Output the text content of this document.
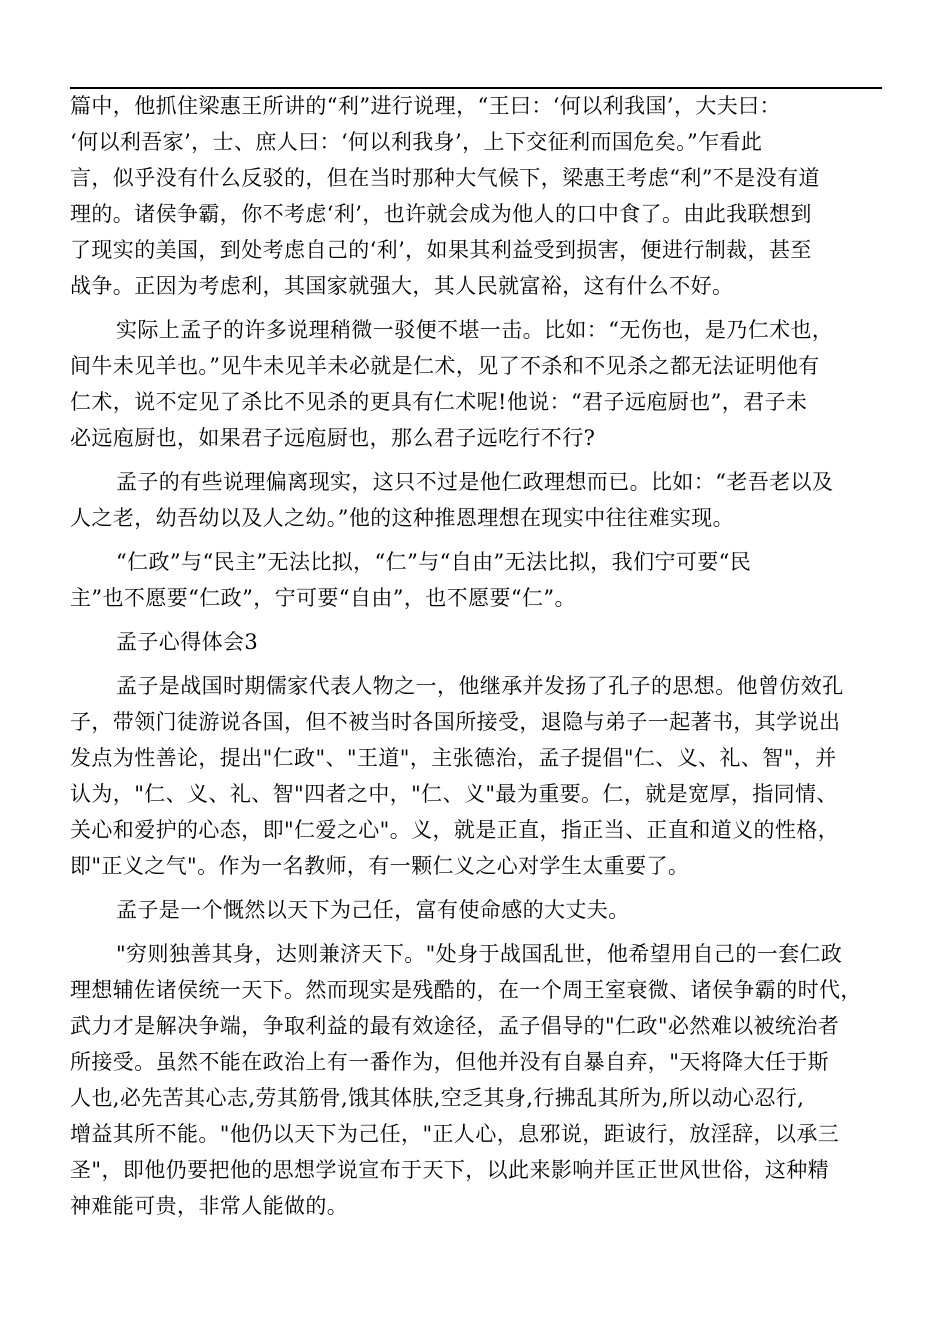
篇中，他抓住梁惠王所讲的“利”进行说理，“王曰：‘何以利我国’，大夫曰：
‘何以利吾家’，士、庶人曰：‘何以利我身’，上下交征利而国危矣。”乍看此
言，似乎没有什么反驳的，但在当时那种大气候下，梁惠王考虑“利”不是没有道
理的。诸侯争霸，你不考虑‘利’，也许就会成为他人的口中食了。由此我联想到
了现实的美国，到处考虑自己的‘利’，如果其利益受到损害，便进行制裁，甚至
战争。正因为考虑利，其国家就强大，其人民就富裕，这有什么不好。
实际上孟子的许多说理稍微一驳便不堪一击。比如：“无伤也，是乃仁术也，
间牛未见羊也。”见牛未见羊未必就是仁术，见了不杀和不见杀之都无法证明他有
仁术，说不定见了杀比不见杀的更具有仁术呢!他说：“君子远庖厨也”，君子未
必远庖厨也，如果君子远庖厨也，那么君子远吃行不行?
孟子的有些说理偏离现实，这只不过是他仁政理想而已。比如：“老吾老以及
人之老，幼吾幼以及人之幼。”他的这种推恩理想在现实中往往难实现。
“仁政”与“民主”无法比拟，“仁”与“自由”无法比拟，我们宁可要“民
主”也不愿要“仁政”，宁可要“自由”，也不愿要“仁”。
孟子心得体会3
孟子是战国时期儒家代表人物之一，他继承并发扬了孔子的思想。他曾仿效孔
子，带领门徒游说各国，但不被当时各国所接受，退隐与弟子一起著书，其学说出
发点为性善论，提出"仁政"、"王道"，主张德治，孟子提倡"仁、义、礼、智"，并
认为，"仁、义、礼、智"四者之中，"仁、义"最为重要。仁，就是宽厚，指同情、
关心和爱护的心态，即"仁爱之心"。义，就是正直，指正当、正直和道义的性格，
即"正义之气"。作为一名教师，有一颗仁义之心对学生太重要了。
孟子是一个慨然以天下为己任，富有使命感的大丈夫。
"穷则独善其身，达则兼济天下。"处身于战国乱世，他希望用自己的一套仁政
理想辅佐诸侯统一天下。然而现实是残酷的，在一个周王室衰微、诸侯争霸的时代，
武力才是解决争端，争取利益的最有效途径，孟子倡导的"仁政"必然难以被统治者
所接受。虽然不能在政治上有一番作为，但他并没有自暴自弃，"天将降大任于斯
人也,必先苦其心志,劳其筋骨,饿其体肤,空乏其身,行拂乱其所为,所以动心忍行,
增益其所不能。"他仍以天下为己任，"正人心，息邪说，距诐行，放淫辞，以承三
圣"，即他仍要把他的思想学说宣布于天下，以此来影响并匡正世风世俗，这种精
神难能可贵，非常人能做的。
